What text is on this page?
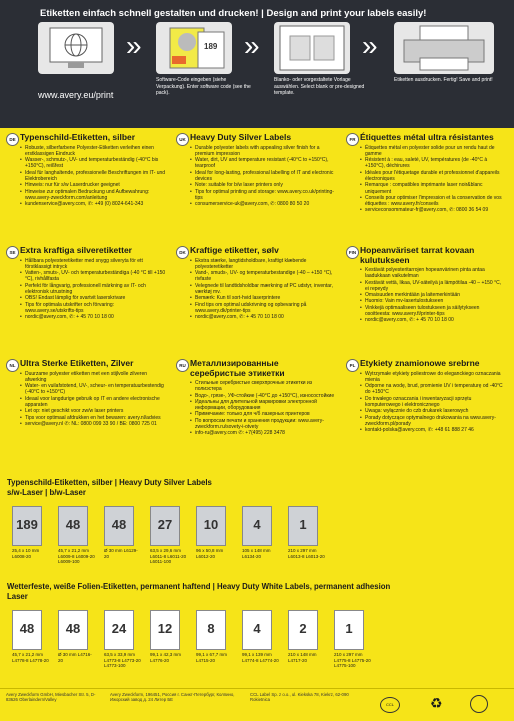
Etiketten einfach schnell gestalten und drucken! | Design and print your labels easily!
www.avery.eu/print
»	189
Software-Code eingeben (siehe Verpackung). Enter software code (see the pack).
»
Blanko- oder vorgestaltete Vorlage auswählen. Select blank or pre-designed template.
»
Etiketten ausdrucken. Fertig! Save and print!
DE Typenschild-Etiketten, silber
• Robuste, silberfarbene Polyester-Etiketten verleihen einen erstklassigen Eindruck
• Wasser-, schmutz-, UV- und temperaturbeständig (-40°C bis +150°C), reißfest
• Ideal für langhaltende, professionelle Beschriftungen im IT- und Elektrobereich
• Hinweis: nur für s/w Laserdrucker geeignet
• Hinweise zur optimalen Bedruckung und Aufbewahrung: www.avery-zweckform.com/anleitung
• kundenservice@avery.com, ✆: +49 (0) 8024-641-343
UK Heavy Duty Silver Labels
• Durable polyester labels with appealing silver finish for a premium impression
• Water, dirt, UV and temperature resistant (-40°C to +150°C), tearproof
• Ideal for long-lasting, professional labelling of IT and electronic devices
• Note: suitable for b/w laser printers only
• Tips for optimal printing and storage: www.avery.co.uk/printing-tips
• consumerservice-uk@avery.com, ✆: 0800 80 50 20
FR Étiquettes métal ultra résistantes
• Étiquettes métal en polyester solide pour un rendu haut de gamme
• Résistent à : eau, saleté, UV, températures (de -40°C à +150°C), déchirures
• Idéales pour l'étiquetage durable et professionnel d'appareils électroniques
• Remarque : compatibles imprimante laser noir&blanc uniquement
• Conseils pour optimiser l'impression et la conservation de vos étiquettes : www.avery.fr/conseils
• serviceconsommateur-fr@avery.com, ✆: 0800 36 54 09
SE Extra kraftiga silveretiketter
• Hållbara polyesteretiketter med snygg silveryta för ett förstklassigt intryck
• Vatten-, smuts-, UV- och temperaturbeständiga (-40 °C till +150 °C), rivhållfasta
• Perfekt för långvarig, professionell märkning av IT- och elektronisk utrustning
• OBS! Endast lämplig för svartvit laserskrivare
• Tips för optimala utskrifter och förvaring: www.avery.se/utskrifts-tips
• nordic@avery.com, ✆: + 45 70 10 18 00
DK Kraftige etiketter, sølv
• Ekstra stærke, langtidsholdbare, kraftigt klæbende polyesteretiketter
• Vand-, smuds-, UV- og temperaturbestandige (-40 – +150 °C), rivfaste
• Velegnede til landtidsholdbar mærkning af PC udstyr, inventar, værktøj mv.
• Bemærk: Kun til sort-hvid laserprintere
• Find tips om optimal udskrivning og opbevaring på www.avery.dk/printer-tips
• nordic@avery.com, ✆: + 45 70 10 18 00
FIN Hopeanväriset tarrat kovaan kulutukseen
• Kestävät polyesteritarrojen hopeanvärinen pinta antaa laadukkaan vaikutelman
• Kestävät vettä, likaa, UV-säteilyä ja lämpötilaa -40 – +150 °C, ei repeydy
• Omaisuuden merkintään ja laitemerkintään
• Huomio: Vain mv-lasertulostukseen
• Vinkkejä optimaaliseen tulostukseen ja säilytykseen osoitteesta: www.avery.fi/printer-tips
• nordic@avery.com, ✆: + 45 70 10 18 00
NL Ultra Sterke Etiketten, Zilver
• Duurzame polyester etiketten met een stijlvolle zilveren afwerking
• Water- en vuilafstotend, UV-, scheur- en temperatuurbestendig (-40°C to +150°C)
• Ideaal voor langdurige gebruik op IT en andere electronische apparaten
• Let op: niet geschikt voor zw/w laser printers
• Tips voor optimaal afdrukken en het bewaren: avery.nl/advies
• service@avery.nl ✆: NL: 0800 099 33 90 / BE: 0800 725 01
RU Металлизированные серебристые этикетки
• Стильные серебристые сверхпрочные этикетки из полиэстера
• Водо-, грязе-, УФ-стойкие (-40°C до +150°C), износостойкие
• Идеальны для длительной маркировки электронной информации, оборудования
• Примечание: только для ч/б лазерных принтеров
• По вопросам печати и хранения продукции: www.avery-zweckform.ru/sovety-i-otvety
• info-ru@avery.com ✆: +7(495) 228 3478
PL Etykiety znamionowe srebrne
• Wytrzymałe etykiety poliestrowe do eleganckiego oznaczania mienia
• Odporne na wodę, brud, promienie UV i temperaturę od -40°C do +150°C
• Do trwałego oznaczania i inwentaryzacji sprzętu komputerowego i elektronicznego
• Uwaga: wyłącznie do czb drukarek laserowych
• Porady dotyczące optymalnego drukowania na www.avery-zweckform.pl/porady
• kontakt-polska@avery.com, ✆: +48 61 888 27 46
Typenschild-Etiketten, silber | Heavy Duty Silver Labels
s/w-Laser | b/w-Laser
189
25,4 x 10 mm L6008-20
48
45,7 x 21,2 mm L6009-8 L6009-20 L6009-100
48
Ø 30 mm L6129-20
27
63,5 x 29,6 mm L6011-8 L6011-20 L6011-100
10
96 x 50,8 mm L6012-20
4
105 x 148 mm L6134-20
1
210 x 297 mm L6013-8 L6013-20
Wetterfeste, weiße Folien-Etiketten, permanent haftend | Heavy Duty White Labels, permanent adhesion
Laser
48
45,7 x 21,2 mm L4778-8 L4778-20
48
Ø 30 mm L4716-20
24
63,5 x 33,9 mm L4773-8 L4773-20 L4773-100
12
99,1 x 42,3 mm L4776-20
8
99,1 x 67,7 mm L4715-20
4
99,1 x 139 mm L4774-8 L4774-20
2
210 x 148 mm L4717-20
1
210 x 297 mm L4775-8 L4775-20 L4775-100
Avery Zweckform GmbH, Miesbacher Str. 5, D-83626 Oberlaindern/Valley
Avery Zweckform, 196451, Россия г. Санкт-Петербург, Колпино, Ижорский завод д. 24 Литер БЕ
CCL Label Sp. z o.o., ul. Kiekska 78, Kiekrz, 62-090 Rokietnica
CCL	♻
